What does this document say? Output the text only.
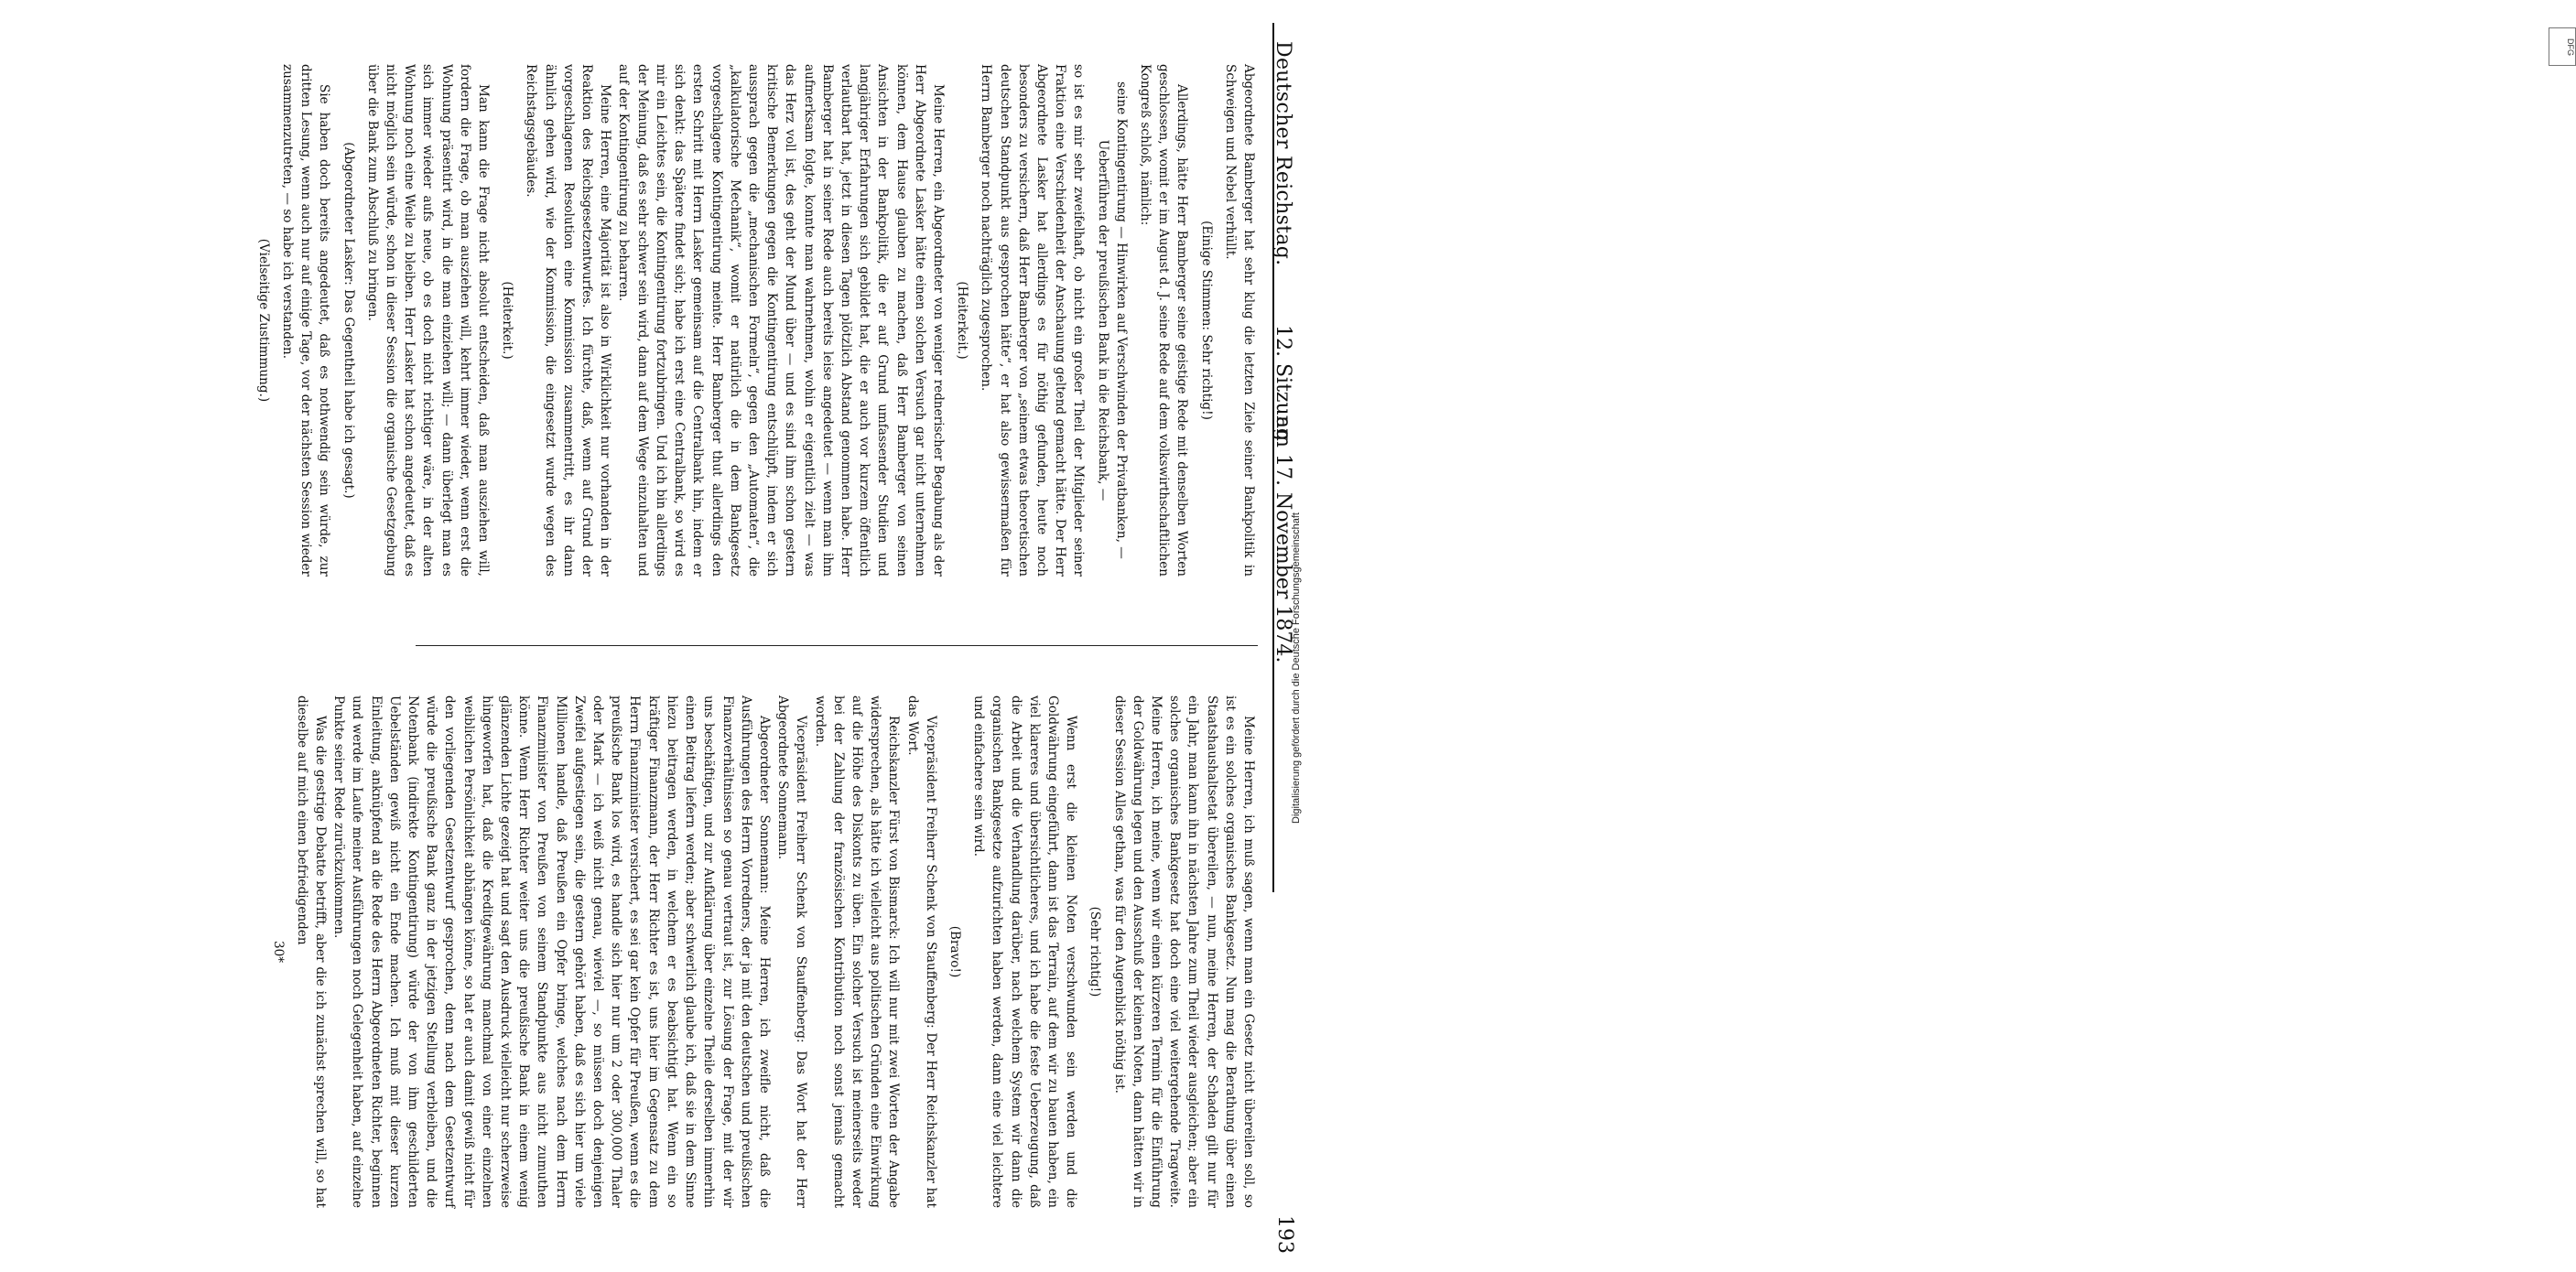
Deutscher Reichstag.
12. Sitzung
am 17. November 1874.
193

Abgeordnete Bamberger hat sehr klug die letzten Ziele seiner Bankpolitik in Schweigen und Nebel verhüllt.

(Einige Stimmen: Sehr richtig!)

Allerdings, hätte Herr Bamberger seine geistige Rede mit denselben Worten geschlossen, womit er im August d. J. seine Rede auf dem volkswirthschaftlichen Kongreß schloß, nämlich:

seine Kontingentirung — Hinwirken auf Verschwinden der Privatbanken, — Ueberführen der preußischen Bank in die Reichsbank, —

so ist es mir sehr zweifelhaft, ob nicht ein großer Theil der Mitglieder seiner Fraktion eine Verschiedenheit der Anschauung geltend gemacht hätte. Der Herr Abgeordnete Lasker hat allerdings es für nöthig gefunden, heute noch besonders zu versichern, daß Herr Bamberger von „seinem etwas theoretischen deutschen Standpunkt aus gesprochen hätte“, er hat also gewissermaßen für Herrn Bamberger noch nachträglich zugesprochen.

(Heiterkeit.)

Meine Herren, ein Abgeordneter von weniger rednerischer Begabung als der Herr Abgeordnete Lasker hätte einen solchen Versuch gar nicht unternehmen können, dem Hause glauben zu machen, daß Herr Bamberger von seinen Ansichten in der Bankpolitik, die er auf Grund umfassender Studien und langjähriger Erfahrungen sich gebildet hat, die er auch vor kurzem öffentlich verlautbart hat, jetzt in diesen Tagen plötzlich Abstand genommen habe. Herr Bamberger hat in seiner Rede auch bereits leise angedeutet — wenn man ihm aufmerksam folgte, konnte man wahrnehmen, wohin er eigentlich zielt — was das Herz voll ist, des geht der Mund über — und es sind ihm schon gestern kritische Bemerkungen gegen die Kontingentirung entschlüpft, indem er sich aussprach gegen die „mechanischen Formeln“, gegen den „Automaten“, die „kalkulatorische Mechanik“, womit er natürlich die in dem Bankgesetz vorgeschlagene Kontingentirung meinte. Herr Bamberger thut allerdings den ersten Schritt mit Herrn Lasker gemeinsam auf die Centralbank hin, indem er sich denkt: das Spätere findet sich; habe ich erst eine Centralbank, so wird es mir ein Leichtes sein, die Kontingentirung fortzubringen. Und ich bin allerdings der Meinung, daß es sehr schwer sein wird, dann auf dem Wege einzuhalten und auf der Kontingentirung zu beharren.

Meine Herren, eine Majorität ist also in Wirklichkeit nur vorhanden in der Reaktion des Reichsgesetzentwurfes. Ich fürchte, daß, wenn auf Grund der vorgeschlagenen Resolution eine Kommission zusammentritt, es ihr dann ähnlich gehen wird, wie der Kommission, die eingesetzt wurde wegen des Reichstagsgebäudes.

(Heiterkeit.)

Man kann die Frage nicht absolut entscheiden, daß man ausziehen will, fordern die Frage, ob man ausziehen will, kehrt immer wieder, wenn erst die Wohnung präsentirt wird, in die man einziehen will; — dann überlegt man es sich immer wieder aufs neue, ob es doch nicht richtiger wäre, in der alten Wohnung noch eine Weile zu bleiben. Herr Lasker hat schon angedeutet, daß es nicht möglich sein würde, schon in dieser Session die organische Gesetzgebung über die Bank zum Abschluß zu bringen.

(Abgeordneter Lasker: Das Gegentheil habe ich gesagt.)

Sie haben doch bereits angedeutet, daß es nothwendig sein würde, zur dritten Lesung, wenn auch nur auf einige Tage, vor der nächsten Session wieder zusammenzutreten, — so habe ich verstanden.

(Vielseitige Zustimmung.)

Meine Herren, ich muß sagen, wenn man ein Gesetz nicht übereilen soll, so ist es ein solches organisches Bankgesetz. Nun mag die Berathung über einen Staatshaushaltsetat übereilen, — nun, meine Herren, der Schaden gilt nur für ein Jahr, man kann ihn in nächsten Jahre zum Theil wieder ausgleichen; aber ein solches organisches Bankgesetz hat doch eine viel weitergehende Tragweite. Meine Herren, ich meine, wenn wir einen kürzeren Termin für die Einführung der Goldwährung legen und den Ausschuß der kleinen Noten, dann hätten wir in dieser Session Alles gethan, was für den Augenblick nöthig ist.

(Sehr richtig!)

Wenn erst die kleinen Noten verschwunden sein werden und die Goldwährung eingeführt, dann ist das Terrain, auf dem wir zu bauen haben, ein viel klareres und übersichtlicheres, und ich habe die feste Ueberzeugung, daß die Arbeit und die Verhandlung darüber, nach welchem System wir dann die organischen Bankgesetze aufzurichten haben werden, dann eine viel leichtere und einfachere sein wird.

(Bravo!)

Vicepräsident Freiherr Schenk von Stauffenberg: Der Herr Reichskanzler hat das Wort.

Reichskanzler Fürst von Bismarck: Ich will nur mit zwei Worten der Angabe widersprechen, als hätte ich vielleicht aus politischen Gründen eine Einwirkung auf die Höhe des Diskonts zu üben. Ein solcher Versuch ist meinerseits weder bei der Zahlung der französischen Kontribution noch sonst jemals gemacht worden.

Vicepräsident Freiherr Schenk von Stauffenberg: Das Wort hat der Herr Abgeordnete Sonnemann.

Abgeordneter Sonnemann: Meine Herren, ich zweifle nicht, daß die Ausführungen des Herrn Vorredners, der ja mit den deutschen und preußischen Finanzverhältnissen so genau vertraut ist, zur Lösung der Frage, mit der wir uns beschäftigen, und zur Aufklärung über einzelne Theile derselben immerhin einen Beitrag liefern werden; aber schwerlich glaube ich, daß sie in dem Sinne hiezu beitragen werden, in welchem er es beabsichtigt hat. Wenn ein so kräftiger Finanzmann, der Herr Richter es ist, uns hier im Gegensatz zu dem Herrn Finanzminister versichert, es sei gar kein Opfer für Preußen, wenn es die preußische Bank los wird, es handle sich hier nur um 2 oder 300,000 Thaler oder Mark — ich weiß nicht genau, wieviel —, so müssen doch denjenigen Zweifel aufgestiegen sein, die gestern gehört haben, daß es sich hier um viele Millionen handle, daß Preußen ein Opfer bringe, welches nach dem Herrn Finanzminister von Preußen von seinem Standpunkte aus nicht zumuthen könne. Wenn Herr Richter weiter uns die preußische Bank in einem wenig glänzenden Lichte gezeigt hat und sagt den Ausdruck vielleicht nur scherzweise hingeworfen hat, daß die Kreditgewährung manchmal von einer einzelnen weiblichen Persönlichkeit abhängen könne, so hat er auch damit gewiß nicht für den vorliegenden Gesetzentwurf gesprochen, denn nach dem Gesetzentwurf würde die preußische Bank ganz in der jetzigen Stellung verbleiben, und die Notenbank (indirekte Kontingentirung) würde der von ihm geschilderten Uebelständen gewiß nicht ein Ende machen. Ich muß mit dieser kurzen Einleitung, anknüpfend an die Rede des Herrn Abgeordneten Richter, beginnen und werde im Laufe meiner Ausführungen noch Gelegenheit haben, auf einzelne Punkte seiner Rede zurückzukommen.

Was die gestrige Debatte betrifft, aber die ich zunächst sprechen will, so hat dieselbe auf mich einen befriedigenden

30*

DFG
Digitalisierung gefördert durch die Deutsche Forschungsgemeinschaft
